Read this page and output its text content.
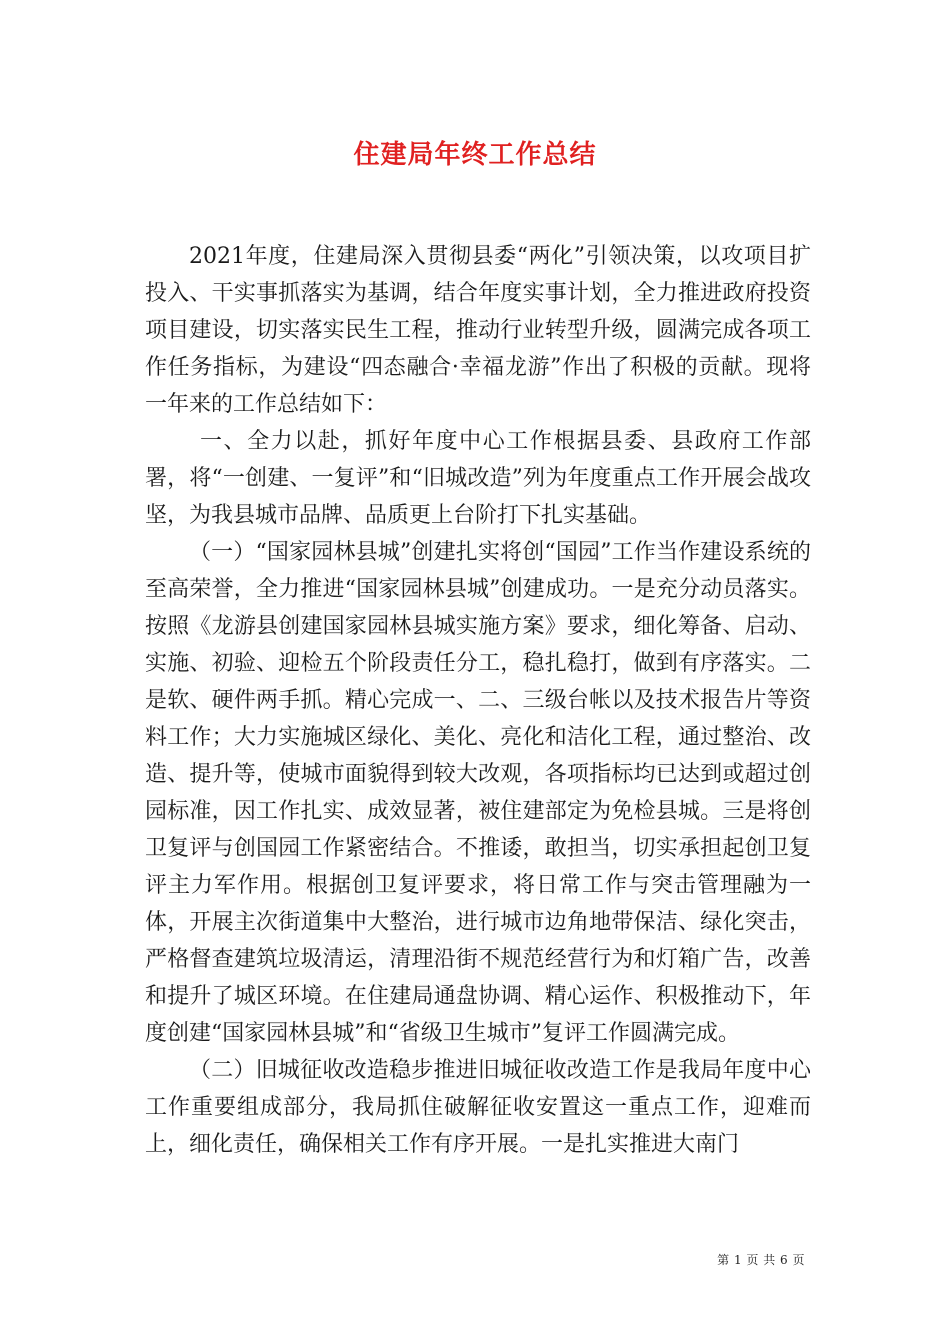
住建局年终工作总结

2021年度，住建局深入贯彻县委“两化”引领决策，以攻项目扩投入、干实事抓落实为基调，结合年度实事计划，全力推进政府投资项目建设，切实落实民生工程，推动行业转型升级，圆满完成各项工作任务指标，为建设“四态融合·幸福龙游”作出了积极的贡献。现将一年来的工作总结如下：

一、全力以赴，抓好年度中心工作根据县委、县政府工作部署，将“一创建、一复评”和“旧城改造”列为年度重点工作开展会战攻坚，为我县城市品牌、品质更上台阶打下扎实基础。

（一）“国家园林县城”创建扎实将创“国园”工作当作建设系统的至高荣誉，全力推进“国家园林县城”创建成功。一是充分动员落实。按照《龙游县创建国家园林县城实施方案》要求，细化筹备、启动、实施、初验、迎检五个阶段责任分工，稳扎稳打，做到有序落实。二是软、硬件两手抓。精心完成一、二、三级台帐以及技术报告片等资料工作；大力实施城区绿化、美化、亮化和洁化工程，通过整治、改造、提升等，使城市面貌得到较大改观，各项指标均已达到或超过创园标准，因工作扎实、成效显著，被住建部定为免检县城。三是将创卫复评与创国园工作紧密结合。不推诿，敢担当，切实承担起创卫复评主力军作用。根据创卫复评要求，将日常工作与突击管理融为一体，开展主次街道集中大整治，进行城市边角地带保洁、绿化突击，严格督查建筑垃圾清运，清理沿街不规范经营行为和灯箱广告，改善和提升了城区环境。在住建局通盘协调、精心运作、积极推动下，年度创建“国家园林县城”和“省级卫生城市”复评工作圆满完成。

（二）旧城征收改造稳步推进旧城征收改造工作是我局年度中心工作重要组成部分，我局抓住破解征收安置这一重点工作，迎难而上，细化责任，确保相关工作有序开展。一是扎实推进大南门

第 1 页 共 6 页
